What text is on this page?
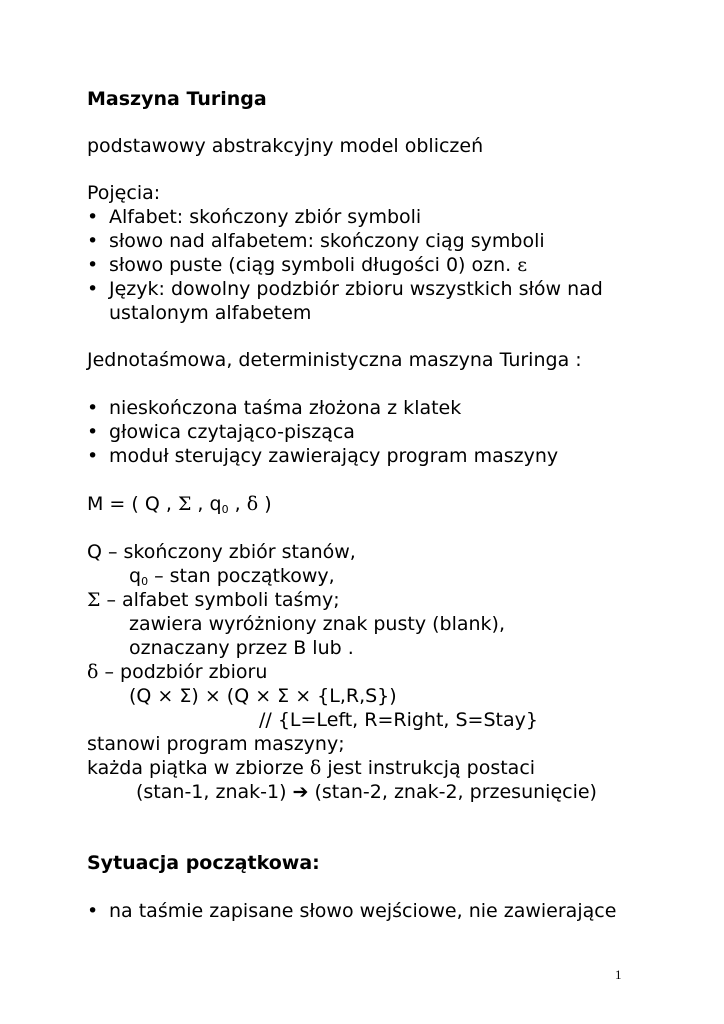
Maszyna Turinga
podstawowy abstrakcyjny model obliczeń
Pojęcia:
• Alfabet: skończony zbiór symboli
• słowo nad alfabetem: skończony ciąg symboli
• słowo puste (ciąg symboli długości 0) ozn. ε
• Język: dowolny podzbiór zbioru wszystkich słów nad
ustalonym alfabetem
Jednotaśmowa, deterministyczna maszyna Turinga :
• nieskończona taśma złożona z klatek
• głowica czytająco-pisząca
• moduł sterujący zawierający program maszyny
M = ( Q , Σ , $q_0$ , δ )
Q – skończony zbiór stanów,
$q_0$ – stan początkowy,
Σ – alfabet symboli taśmy;
zawiera wyróżniony znak pusty (blank),
oznaczany przez B lub .
δ – podzbiór zbioru
(Q × Σ) × (Q × Σ × {L,R,S})
// {L=Left, R=Right, S=Stay}
stanowi program maszyny;
każda piątka w zbiorze δ jest instrukcją postaci
(stan-1, znak-1) ➔ (stan-2, znak-2, przesunięcie)
Sytuacja początkowa:
• na taśmie zapisane słowo wejściowe, nie zawierające
1
